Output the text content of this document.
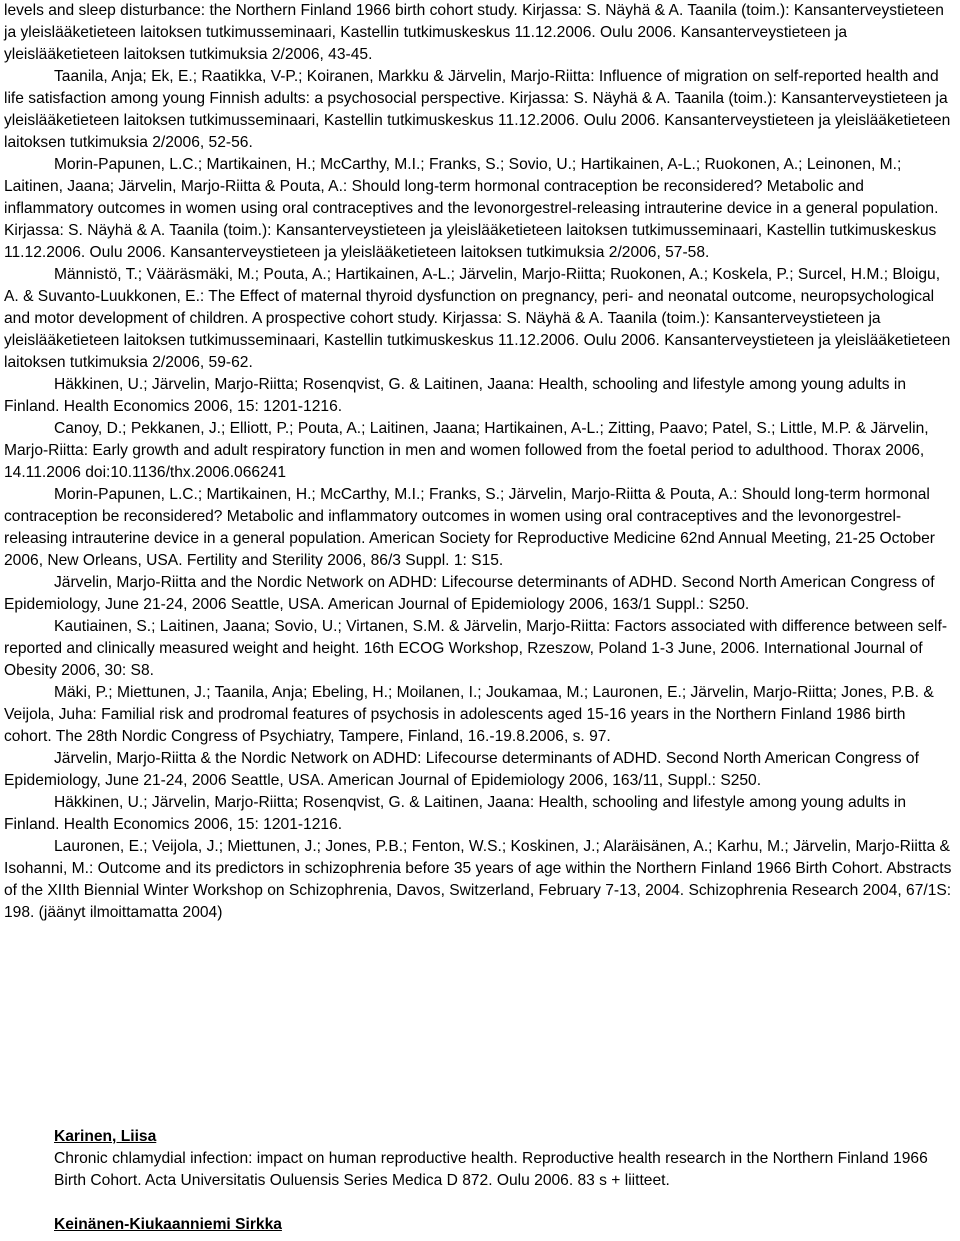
levels and sleep disturbance: the Northern Finland 1966 birth cohort study. Kirjassa: S. Näyhä & A. Taanila (toim.): Kansanterveystieteen ja yleislääketieteen laitoksen tutkimusseminaari, Kastellin tutkimuskeskus 11.12.2006. Oulu 2006. Kansanterveystieteen ja yleislääketieteen laitoksen tutkimuksia 2/2006, 43-45.

Taanila, Anja; Ek, E.; Raatikka, V-P.; Koiranen, Markku & Järvelin, Marjo-Riitta: Influence of migration on self-reported health and life satisfaction among young Finnish adults: a psychosocial perspective. Kirjassa: S. Näyhä & A. Taanila (toim.): Kansanterveystieteen ja yleislääketieteen laitoksen tutkimusseminaari, Kastellin tutkimuskeskus 11.12.2006. Oulu 2006. Kansanterveystieteen ja yleislääketieteen laitoksen tutkimuksia 2/2006, 52-56.

Morin-Papunen, L.C.; Martikainen, H.; McCarthy, M.I.; Franks, S.; Sovio, U.; Hartikainen, A-L.; Ruokonen, A.; Leinonen, M.; Laitinen, Jaana; Järvelin, Marjo-Riitta & Pouta, A.: Should long-term hormonal contraception be reconsidered? Metabolic and inflammatory outcomes in women using oral contraceptives and the levonorgestrel-releasing intrauterine device in a general population. Kirjassa: S. Näyhä & A. Taanila (toim.): Kansanterveystieteen ja yleislääketieteen laitoksen tutkimusseminaari, Kastellin tutkimuskeskus 11.12.2006. Oulu 2006. Kansanterveystieteen ja yleislääketieteen laitoksen tutkimuksia 2/2006, 57-58.

Männistö, T.; Vääräsmäki, M.; Pouta, A.; Hartikainen, A-L.; Järvelin, Marjo-Riitta; Ruokonen, A.; Koskela, P.; Surcel, H.M.; Bloigu, A. & Suvanto-Luukkonen, E.: The Effect of maternal thyroid dysfunction on pregnancy, peri- and neonatal outcome, neuropsychological and motor development of children. A prospective cohort study. Kirjassa: S. Näyhä & A. Taanila (toim.): Kansanterveystieteen ja yleislääketieteen laitoksen tutkimusseminaari, Kastellin tutkimuskeskus 11.12.2006. Oulu 2006. Kansanterveystieteen ja yleislääketieteen laitoksen tutkimuksia 2/2006, 59-62.

Häkkinen, U.; Järvelin, Marjo-Riitta; Rosenqvist, G. & Laitinen, Jaana: Health, schooling and lifestyle among young adults in Finland. Health Economics 2006, 15: 1201-1216.

Canoy, D.; Pekkanen, J.; Elliott, P.; Pouta, A.; Laitinen, Jaana; Hartikainen, A-L.; Zitting, Paavo; Patel, S.; Little, M.P. & Järvelin, Marjo-Riitta: Early growth and adult respiratory function in men and women followed from the foetal period to adulthood. Thorax 2006, 14.11.2006 doi:10.1136/thx.2006.066241

Morin-Papunen, L.C.; Martikainen, H.; McCarthy, M.I.; Franks, S.; Järvelin, Marjo-Riitta & Pouta, A.: Should long-term hormonal contraception be reconsidered? Metabolic and inflammatory outcomes in women using oral contraceptives and the levonorgestrel-releasing intrauterine device in a general population. American Society for Reproductive Medicine 62nd Annual Meeting, 21-25 October 2006, New Orleans, USA. Fertility and Sterility 2006, 86/3 Suppl. 1: S15.

Järvelin, Marjo-Riitta and the Nordic Network on ADHD: Lifecourse determinants of ADHD. Second North American Congress of Epidemiology, June 21-24, 2006 Seattle, USA. American Journal of Epidemiology 2006, 163/1 Suppl.: S250.

Kautiainen, S.; Laitinen, Jaana; Sovio, U.; Virtanen, S.M. & Järvelin, Marjo-Riitta: Factors associated with difference between self-reported and clinically measured weight and height. 16th ECOG Workshop, Rzeszow, Poland 1-3 June, 2006. International Journal of Obesity 2006, 30: S8.

Mäki, P.; Miettunen, J.; Taanila, Anja; Ebeling, H.; Moilanen, I.; Joukamaa, M.; Lauronen, E.; Järvelin, Marjo-Riitta; Jones, P.B. & Veijola, Juha: Familial risk and prodromal features of psychosis in adolescents aged 15-16 years in the Northern Finland 1986 birth cohort. The 28th Nordic Congress of Psychiatry, Tampere, Finland, 16.-19.8.2006, s. 97.

Järvelin, Marjo-Riitta & the Nordic Network on ADHD: Lifecourse determinants of ADHD. Second North American Congress of Epidemiology, June 21-24, 2006 Seattle, USA. American Journal of Epidemiology 2006, 163/11, Suppl.: S250.

Häkkinen, U.; Järvelin, Marjo-Riitta; Rosenqvist, G. & Laitinen, Jaana: Health, schooling and lifestyle among young adults in Finland. Health Economics 2006, 15: 1201-1216.

Lauronen, E.; Veijola, J.; Miettunen, J.; Jones, P.B.; Fenton, W.S.; Koskinen, J.; Alaräisänen, A.; Karhu, M.; Järvelin, Marjo-Riitta & Isohanni, M.: Outcome and its predictors in schizophrenia before 35 years of age within the Northern Finland 1966 Birth Cohort. Abstracts of the XIIth Biennial Winter Workshop on Schizophrenia, Davos, Switzerland, February 7-13, 2004. Schizophrenia Research 2004, 67/1S: 198. (jäänyt ilmoittamatta 2004)

Karinen, Liisa
Chronic chlamydial infection: impact on human reproductive health. Reproductive health research in the Northern Finland 1966 Birth Cohort. Acta Universitatis Ouluensis Series Medica D 872. Oulu 2006. 83 s + liitteet.
Keinänen-Kiukaanniemi Sirkka
